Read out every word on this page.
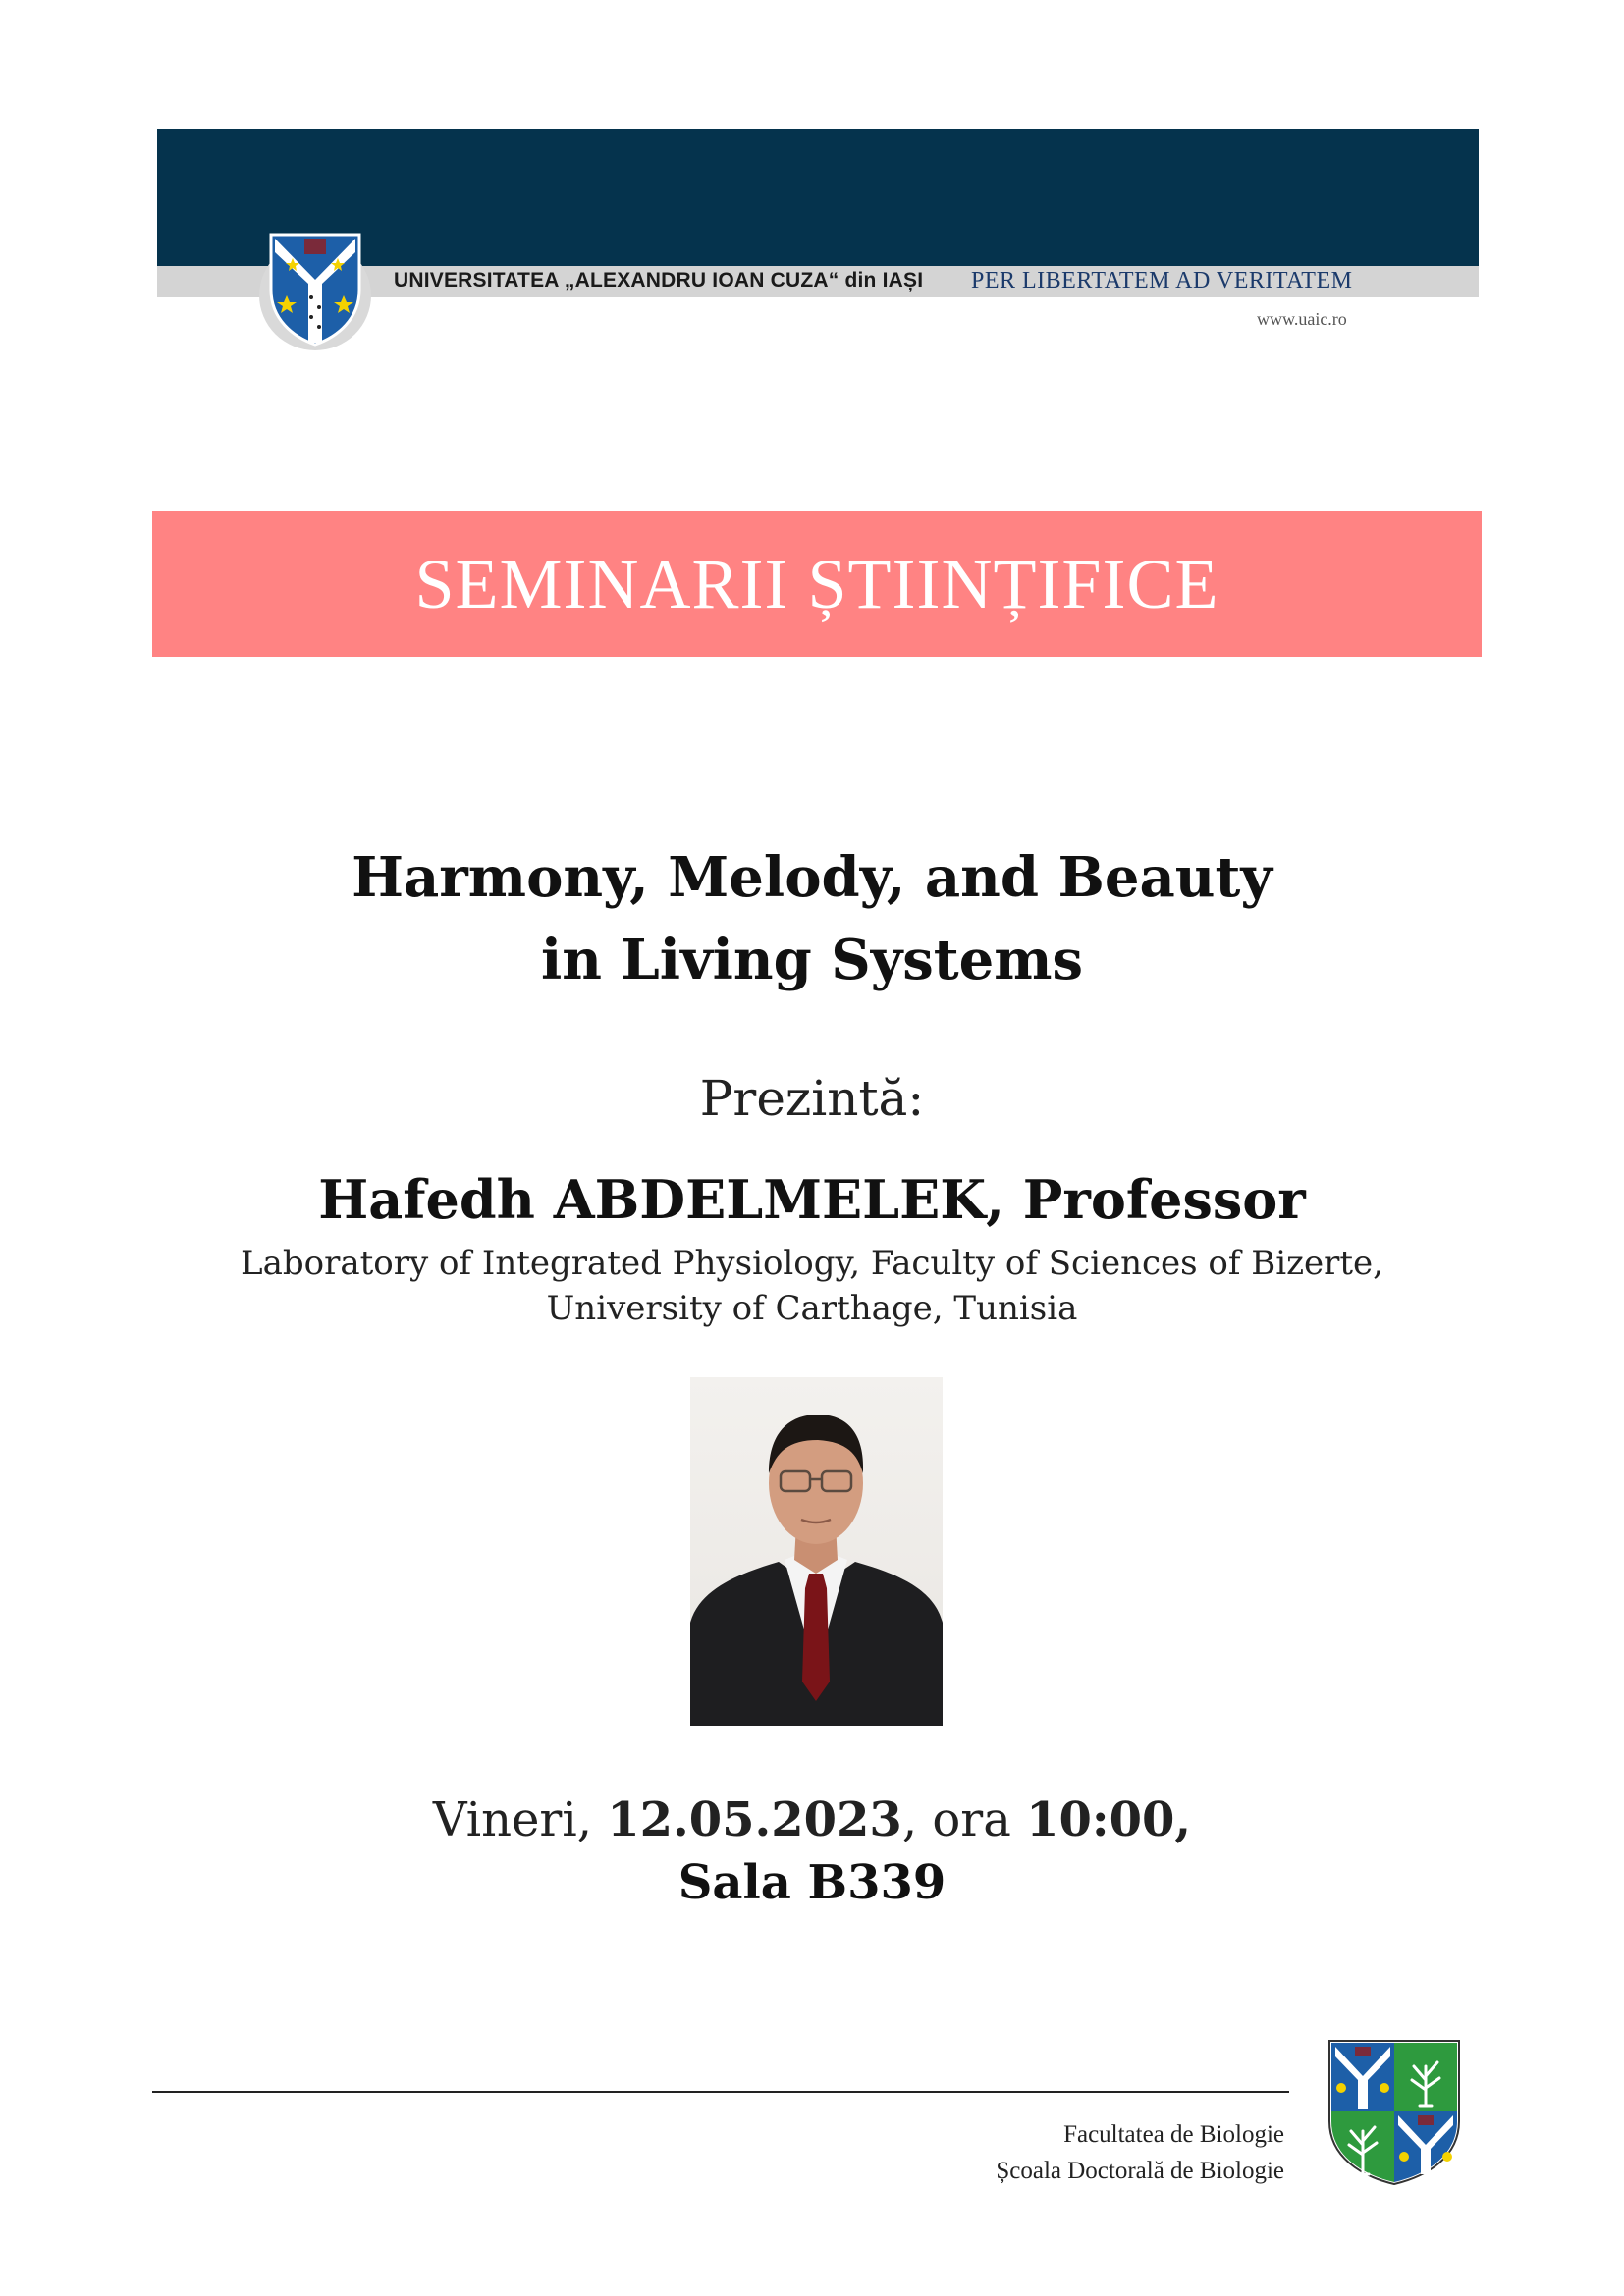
UNIVERSITATEA „ALEXANDRU IOAN CUZA“ din IAȘI PER LIBERTATEM AD VERITATEM
www.uaic.ro
SEMINARII ȘTIINȚIFICE
Harmony, Melody, and Beauty
in Living Systems
Prezintă:
Hafedh ABDELMELEK, Professor
Laboratory of Integrated Physiology, Faculty of Sciences of Bizerte,
University of Carthage, Tunisia
Vineri, 12.05.2023, ora 10:00,
Sala B339
Facultatea de Biologie
Școala Doctorală de Biologie
